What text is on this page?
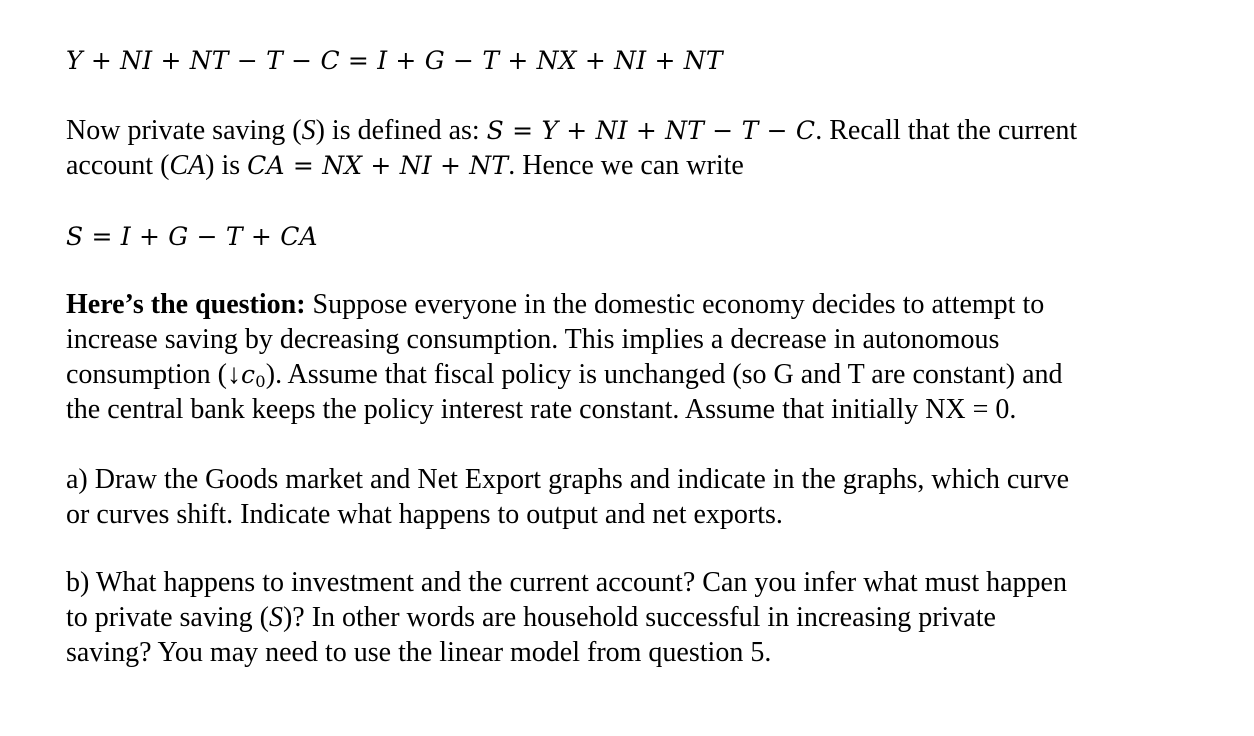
Y + NI + NT − T − C = I + G − T + NX + NI + NT
Now private saving (S) is defined as: S = Y + NI + NT − T − C. Recall that the current
account (CA) is CA = NX + NI + NT. Hence we can write
S = I + G − T + CA
Here’s the question: Suppose everyone in the domestic economy decides to attempt to
increase saving by decreasing consumption. This implies a decrease in autonomous
consumption $(↓c_0)$. Assume that fiscal policy is unchanged (so G and T are constant) and
the central bank keeps the policy interest rate constant. Assume that initially NX = 0.
a) Draw the Goods market and Net Export graphs and indicate in the graphs, which curve
or curves shift. Indicate what happens to output and net exports.
b) What happens to investment and the current account? Can you infer what must happen
to private saving (S)? In other words are household successful in increasing private
saving? You may need to use the linear model from question 5.
